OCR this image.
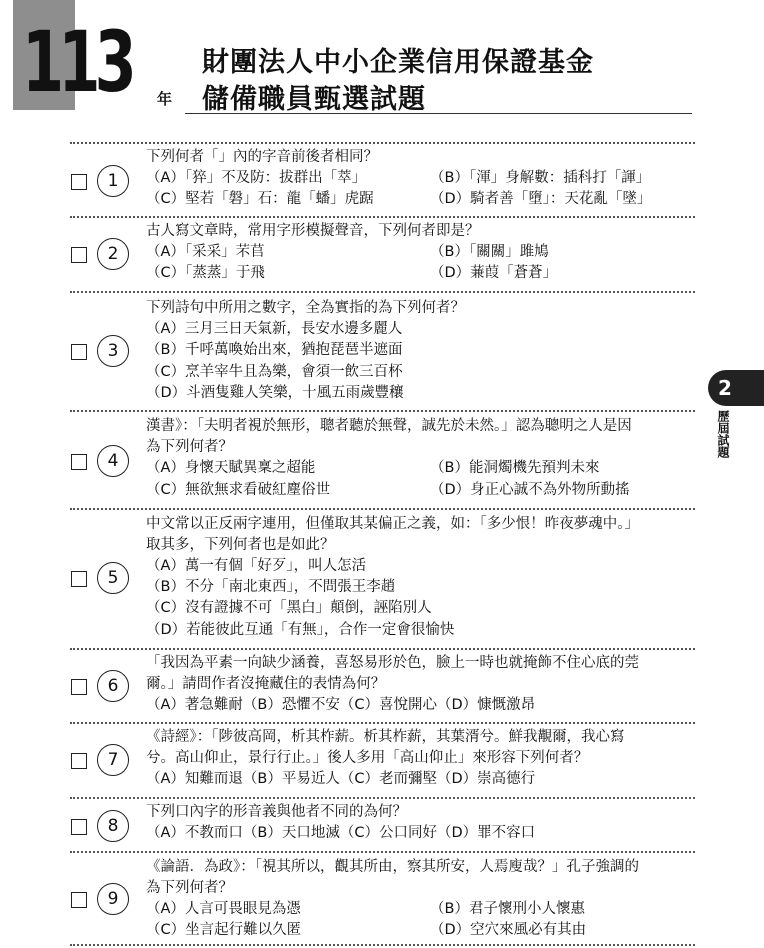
113 年
財團法人中小企業信用保證基金
儲備職員甄選試題
2
歷屆試題
1
下列何者「」內的字音前後者相同？
（A）「猝」不及防：拔群出「萃」	（B）「渾」身解數：插科打「諢」
（C）堅若「磐」石：龍「蟠」虎踞	（D）騎者善「墮」：天花亂「墜」
2
古人寫文章時，常用字形模擬聲音，下列何者即是？
（A）「采采」芣苢	（B）「關關」雎鳩
（C）「蒸蒸」于飛	（D）蒹葭「蒼蒼」
3
下列詩句中所用之數字，全為實指的為下列何者？
（A）三月三日天氣新，長安水邊多麗人
（B）千呼萬喚始出來，猶抱琵琶半遮面
（C）烹羊宰牛且為樂，會須一飲三百杯
（D）斗酒隻雞人笑樂，十風五雨歲豐穰
4
漢書》：「夫明者視於無形，聰者聽於無聲，誠先於未然。」認為聰明之人是因
為下列何者？
（A）身懷天賦異稟之超能	（B）能洞燭機先預判未來
（C）無欲無求看破紅塵俗世	（D）身正心誠不為外物所動搖
5
中文常以正反兩字連用，但僅取其某偏正之義，如：「多少恨！昨夜夢魂中。」
取其多，下列何者也是如此？
（A）萬一有個「好歹」，叫人怎活
（B）不分「南北東西」，不問張王李趙
（C）沒有證據不可「黑白」顛倒，誣陷別人
（D）若能彼此互通「有無」，合作一定會很愉快
6
「我因為平素一向缺少涵養，喜怒易形於色，臉上一時也就掩飾不住心底的莞
爾。」請問作者沒掩藏住的表情為何？
（A）著急難耐（B）恐懼不安（C）喜悅開心（D）慷慨激昂
7
《詩經》：「陟彼高岡，析其柞薪。析其柞薪，其葉湑兮。鮮我覯爾，我心寫
兮。高山仰止，景行行止。」後人多用「高山仰止」來形容下列何者？
（A）知難而退（B）平易近人（C）老而彌堅（D）崇高德行
8
下列口內字的形音義與他者不同的為何？
（A）不教而口（B）天口地滅（C）公口同好（D）罪不容口
9
《論語．為政》：「視其所以，觀其所由，察其所安，人焉廋哉？」孔子強調的
為下列何者？
（A）人言可畏眼見為憑	（B）君子懷刑小人懷惠
（C）坐言起行難以久匿	（D）空穴來風必有其由
